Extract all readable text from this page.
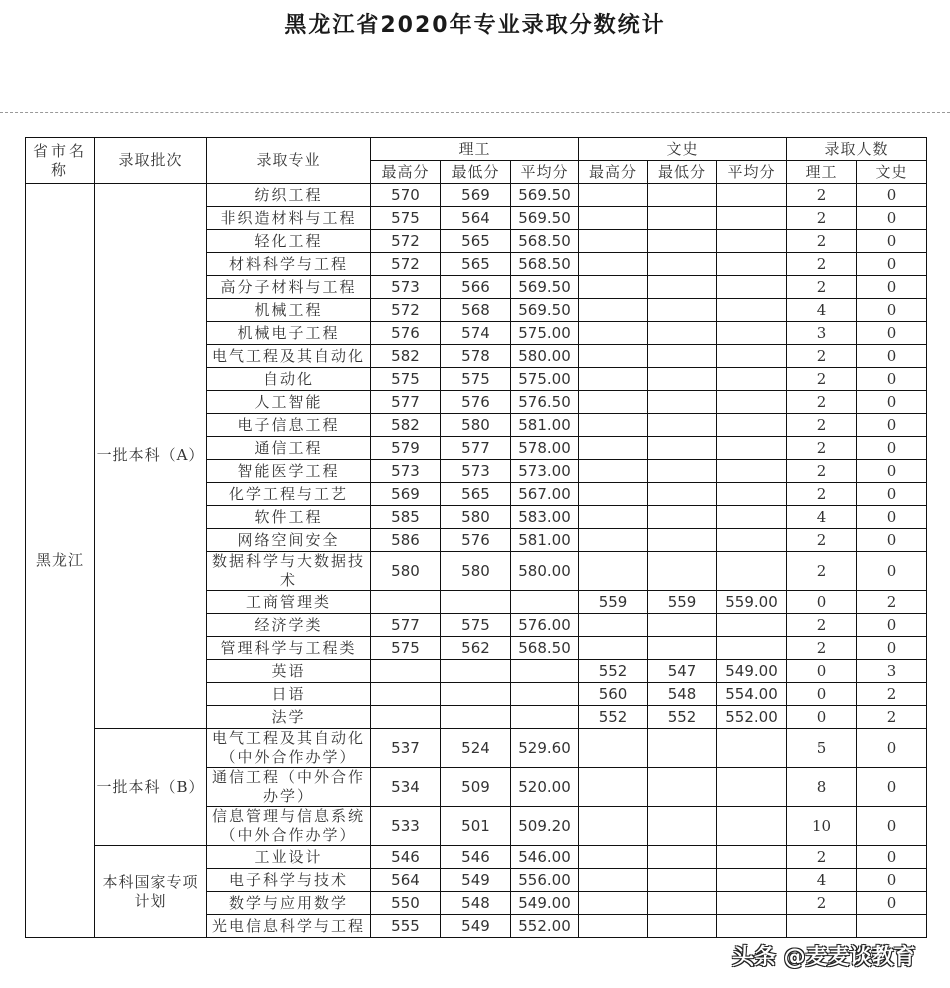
黑龙江省2020年专业录取分数统计
省市名称	录取批次	录取专业	理工			文史			录取人数	
			最高分	最低分	平均分	最高分	最低分	平均分	理工	文史
黑龙江	一批本科（A）	纺织工程	570	569	569.50				2	0
		非织造材料与工程	575	564	569.50				2	0
		轻化工程	572	565	568.50				2	0
		材料科学与工程	572	565	568.50				2	0
		高分子材料与工程	573	566	569.50				2	0
		机械工程	572	568	569.50				4	0
		机械电子工程	576	574	575.00				3	0
		电气工程及其自动化	582	578	580.00				2	0
		自动化	575	575	575.00				2	0
		人工智能	577	576	576.50				2	0
		电子信息工程	582	580	581.00				2	0
		通信工程	579	577	578.00				2	0
		智能医学工程	573	573	573.00				2	0
		化学工程与工艺	569	565	567.00				2	0
		软件工程	585	580	583.00				4	0
		网络空间安全	586	576	581.00				2	0
		数据科学与大数据技术	580	580	580.00				2	0
		工商管理类				559	559	559.00	0	2
		经济学类	577	575	576.00				2	0
		管理科学与工程类	575	562	568.50				2	0
		英语				552	547	549.00	0	3
		日语				560	548	554.00	0	2
		法学				552	552	552.00	0	2
	一批本科（B）	电气工程及其自动化（中外合作办学）	537	524	529.60				5	0
		通信工程（中外合作办学）	534	509	520.00				8	0
		信息管理与信息系统（中外合作办学）	533	501	509.20				10	0
	本科国家专项计划	工业设计	546	546	546.00				2	0
		电子科学与技术	564	549	556.00				4	0
		数学与应用数学	550	548	549.00				2	0
		光电信息科学与工程	555	549	552.00					
头条 @麦麦谈教育
